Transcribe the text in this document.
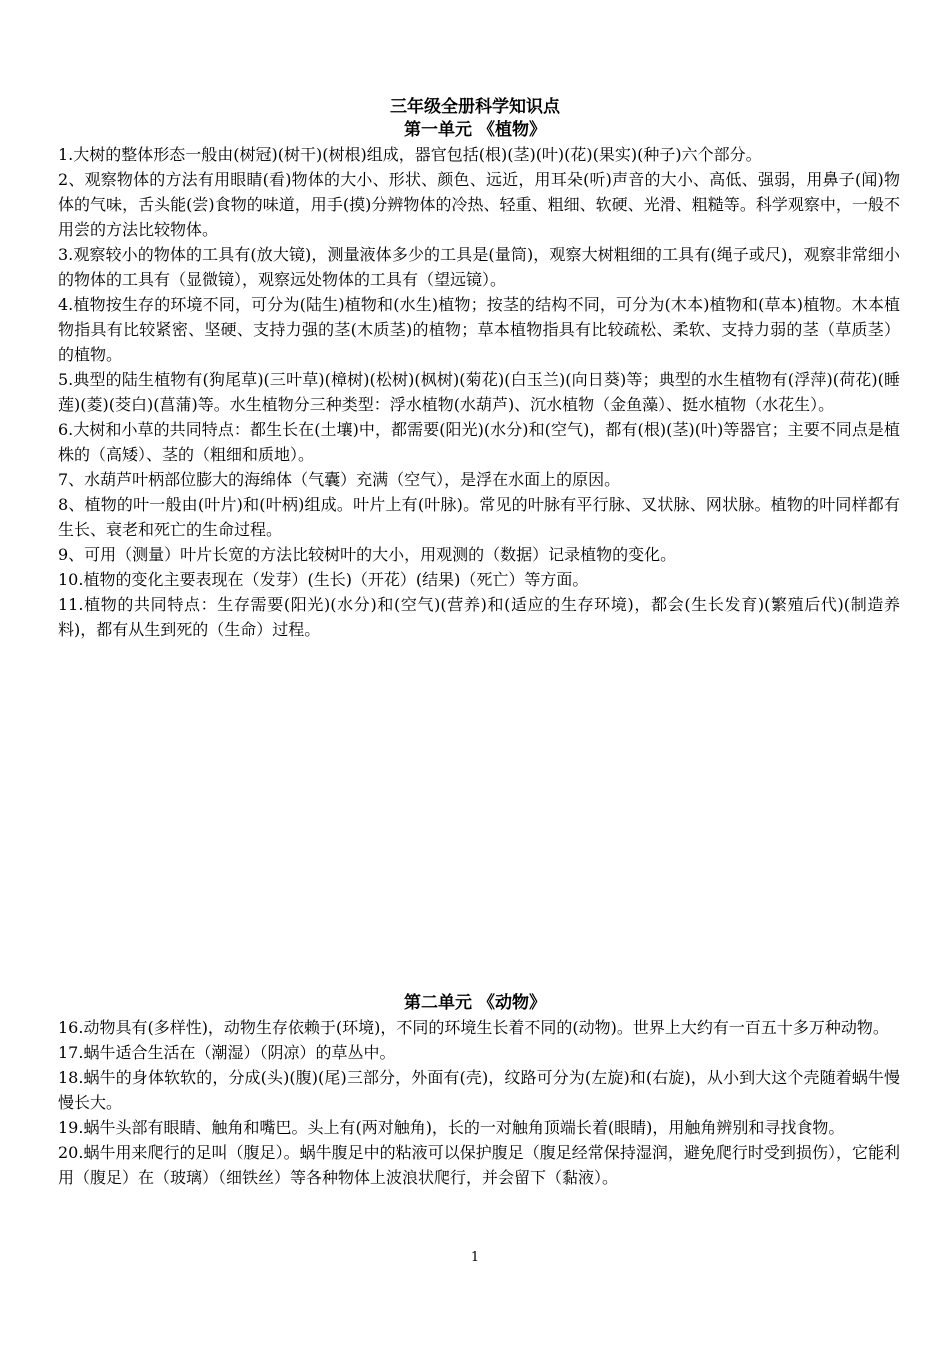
三年级全册科学知识点
第一单元 《植物》

1.大树的整体形态一般由(树冠)(树干)(树根)组成，器官包括(根)(茎)(叶)(花)(果实)(种子)六个部分。

2、观察物体的方法有用眼睛(看)物体的大小、形状、颜色、远近，用耳朵(听)声音的大小、高低、强弱，用鼻子(闻)物体的气味，舌头能(尝)食物的味道，用手(摸)分辨物体的冷热、轻重、粗细、软硬、光滑、粗糙等。科学观察中，一般不用尝的方法比较物体。

3.观察较小的物体的工具有(放大镜)，测量液体多少的工具是(量筒)，观察大树粗细的工具有(绳子或尺)，观察非常细小的物体的工具有（显微镜），观察远处物体的工具有（望远镜）。

4.植物按生存的环境不同，可分为(陆生)植物和(水生)植物；按茎的结构不同，可分为(木本)植物和(草本)植物。木本植物指具有比较紧密、坚硬、支持力强的茎(木质茎)的植物；草本植物指具有比较疏松、柔软、支持力弱的茎（草质茎）的植物。

5.典型的陆生植物有(狗尾草)(三叶草)(樟树)(松树)(枫树)(菊花)(白玉兰)(向日葵)等；典型的水生植物有(浮萍)(荷花)(睡莲)(菱)(茭白)(菖蒲)等。水生植物分三种类型：浮水植物(水葫芦)、沉水植物（金鱼藻）、挺水植物（水花生）。

6.大树和小草的共同特点：都生长在(土壤)中，都需要(阳光)(水分)和(空气)，都有(根)(茎)(叶)等器官；主要不同点是植株的（高矮）、茎的（粗细和质地）。

7、水葫芦叶柄部位膨大的海绵体（气囊）充满（空气），是浮在水面上的原因。

8、植物的叶一般由(叶片)和(叶柄)组成。叶片上有(叶脉)。常见的叶脉有平行脉、叉状脉、网状脉。植物的叶同样都有生长、衰老和死亡的生命过程。

9、可用（测量）叶片长宽的方法比较树叶的大小，用观测的（数据）记录植物的变化。

10.植物的变化主要表现在（发芽）(生长)（开花）(结果)（死亡）等方面。

11.植物的共同特点：生存需要(阳光)(水分)和(空气)(营养)和(适应的生存环境)，都会(生长发育)(繁殖后代)(制造养料)，都有从生到死的（生命）过程。

第二单元 《动物》

16.动物具有(多样性)，动物生存依赖于(环境)，不同的环境生长着不同的(动物)。世界上大约有一百五十多万种动物。

17.蜗牛适合生活在（潮湿）（阴凉）的草丛中。

18.蜗牛的身体软软的，分成(头)(腹)(尾)三部分，外面有(壳)，纹路可分为(左旋)和(右旋)，从小到大这个壳随着蜗牛慢慢长大。

19.蜗牛头部有眼睛、触角和嘴巴。头上有(两对触角)，长的一对触角顶端长着(眼睛)，用触角辨别和寻找食物。

20.蜗牛用来爬行的足叫（腹足）。蜗牛腹足中的粘液可以保护腹足（腹足经常保持湿润，避免爬行时受到损伤），它能利用（腹足）在（玻璃）（细铁丝）等各种物体上波浪状爬行，并会留下（黏液）。

1
